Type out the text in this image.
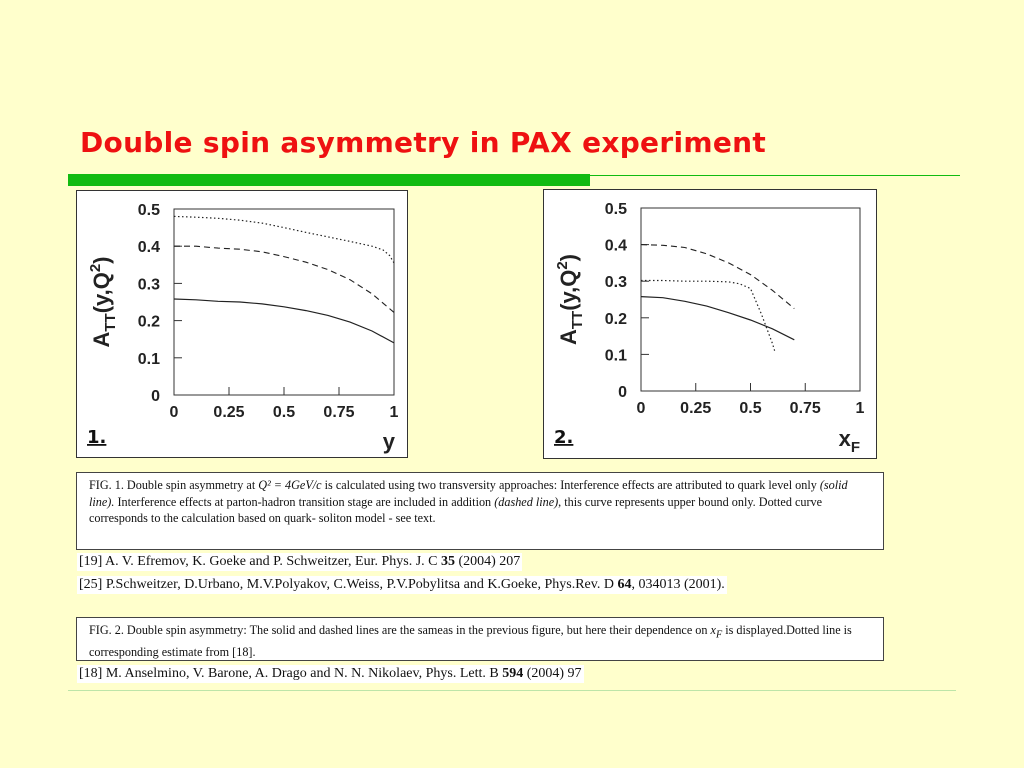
Double spin asymmetry in PAX experiment
0
0.1
0.2
0.3
0.4
0.5
0 0.25 0.5 0.75 1
$A_{TT}(y,Q^2)$
y
1.
0
0.1
0.2
0.3
0.4
0.5
0 0.25 0.5 0.75 1
$A_{TT}(y,Q^2)$
$x_F$
2.
FIG. 1. Double spin asymmetry at Q² = 4GeV/c is calculated using two transversity approaches: Interference effects are attributed to quark level only (solid line). Interference effects at parton-hadron transition stage are included in addition (dashed line), this curve represents upper bound only. Dotted curve corresponds to the calculation based on quark- soliton model - see text.
[19] A. V. Efremov, K. Goeke and P. Schweitzer, Eur. Phys. J. C 35 (2004) 207
[25] P.Schweitzer, D.Urbano, M.V.Polyakov, C.Weiss, P.V.Pobylitsa and K.Goeke, Phys.Rev. D 64, 034013 (2001).
FIG. 2. Double spin asymmetry: The solid and dashed lines are the sameas in the previous figure, but here their dependence on $x_F$ is displayed.Dotted line is corresponding estimate from [18].
[18] M. Anselmino, V. Barone, A. Drago and N. N. Nikolaev, Phys. Lett. B 594 (2004) 97
